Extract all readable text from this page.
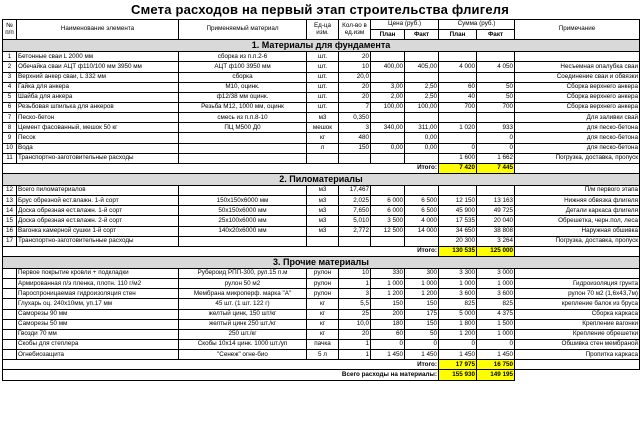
Смета расходов на первый этап строительства флигеля
№ п/п	Наименование элемента	Применяемый материал	Ед-ца изм.	Кол-во в ед.изм	Цена (руб.)		Сумма (руб.)		Примечание
					План	Факт	План	Факт	
1. Материалы для фундамента									
1	Бетонные сваи L 2000 мм	сборка из п.п.2-6	шт.	20					
2	Обечайка сваи АЦТ ф110/100 мм 3950 мм	АЦТ ф100 3950 мм	шт.	10	400,00	405,00	4 000	4 050	Несъемная опалубка сваи
3	Верхний анкер сваи, L 332 мм	сборка	шт.	20,0					Соединение сваи и обвязки
4	Гайка для анкера	М10, оцинк.	шт.	20	3,00	2,50	60	50	Сборка верхнего анкера
5	Шайба для анкера	ф12/38 мм оцинк.	шт.	20	2,00	2,50	40	50	Сборка верхнего анкера
6	Резьбовая шпилька для анкеров	Резьба М12, 1000 мм, оцинк	шт.	7	100,00	100,00	700	700	Сборка верхнего анкера
7	Песко-бетон	смесь из п.п.8-10	м3	0,350					Для заливки свай
8	Цемент фасованный, мешок 50 кг	ПЦ М500 Д0	мешок	3	340,00	311,00	1 020	933	для песко-бетона
9	Песок		кг	480		0,00		0	для песко-бетона
10	Вода		л	150	0,00	0,00	0	0	для песко-бетона
11	Транспортно-заготовительные расходы						1 600	1 662	Погрузка, доставка, пропуск
Итого:							7 420	7 445	
2. Пиломатериалы									
12	Всего пиломатериалов		м3	17,467					П/м первого этапа
13	Брус обрезной ест.влажн. 1-й сорт	150х150х6000 мм	м3	2,025	6 000	6 500	12 150	13 163	Нижняя обвязка флигеля
14	Доска обрезная ест.влажн. 1-й сорт	50х150х6000 мм	м3	7,650	6 000	6 500	45 900	49 725	Детали каркаса флигеля
15	Доска обрезная ест.влажн. 2-й сорт	25х100х6000 мм	м3	5,010	3 500	4 000	17 535	20 040	Обрешетка, черн.пол, леса
16	Вагонка камерной сушки 1-й сорт	140х20х6000 мм	м3	2,772	12 500	14 000	34 650	38 808	Наружная обшивка
17	Транспортно-заготовительные расходы						20 300	3 264	Погрузка, доставка, пропуск
Итого:							130 535	125 000	
3. Прочие материалы									
	Первое покрытие кровли + подкладки	Рубероид РПП-300, рул.15 п.м	рулон	10	330	300	3 300	3 000	
	Армированная п/э пленка, плотн. 110 г/м2	рулон 50 м2	рулон	1	1 000	1 000	1 000	1 000	Гидроизоляция грунта
	Пароспроницаемая гидроизоляция стен	Мембрана микроперф. марка "А"	рулон	3	1 200	1 200	3 600	3 600	рулон 70 м2 (1,6х43,7м)
	Глухарь оц. 240х10мм, уп.17 мм	45 шт. (1 шт. 122 г)	кг	5,5	150	150	825	825	крепление балок из бруса
	Саморезы 90 мм	желтый цинк, 150 шт/кг	кг	25	200	175	5 000	4 375	Сборка каркаса
	Саморезы 50 мм	желтый цинк 250 шт./кг	кг	10,0	180	150	1 800	1 500	Крепление вагонки
	Гвозди 70 мм	250 шт./кг	кг	20	60	50	1 200	1 000	Крепление обрешетки
	Скобы для степлера	Скобы 10х14 цинк. 1000 шт./уп	пачка	1	0	0	0	0	Обшивка стен мембраной
	Огнебиозащита	"Сенеж" огне-био	5 л	1	1 450	1 450	1 450	1 450	Пропитка каркаса
Итого:							17 975	16 750	
Всего расходы на материалы:							155 930	149 195	
